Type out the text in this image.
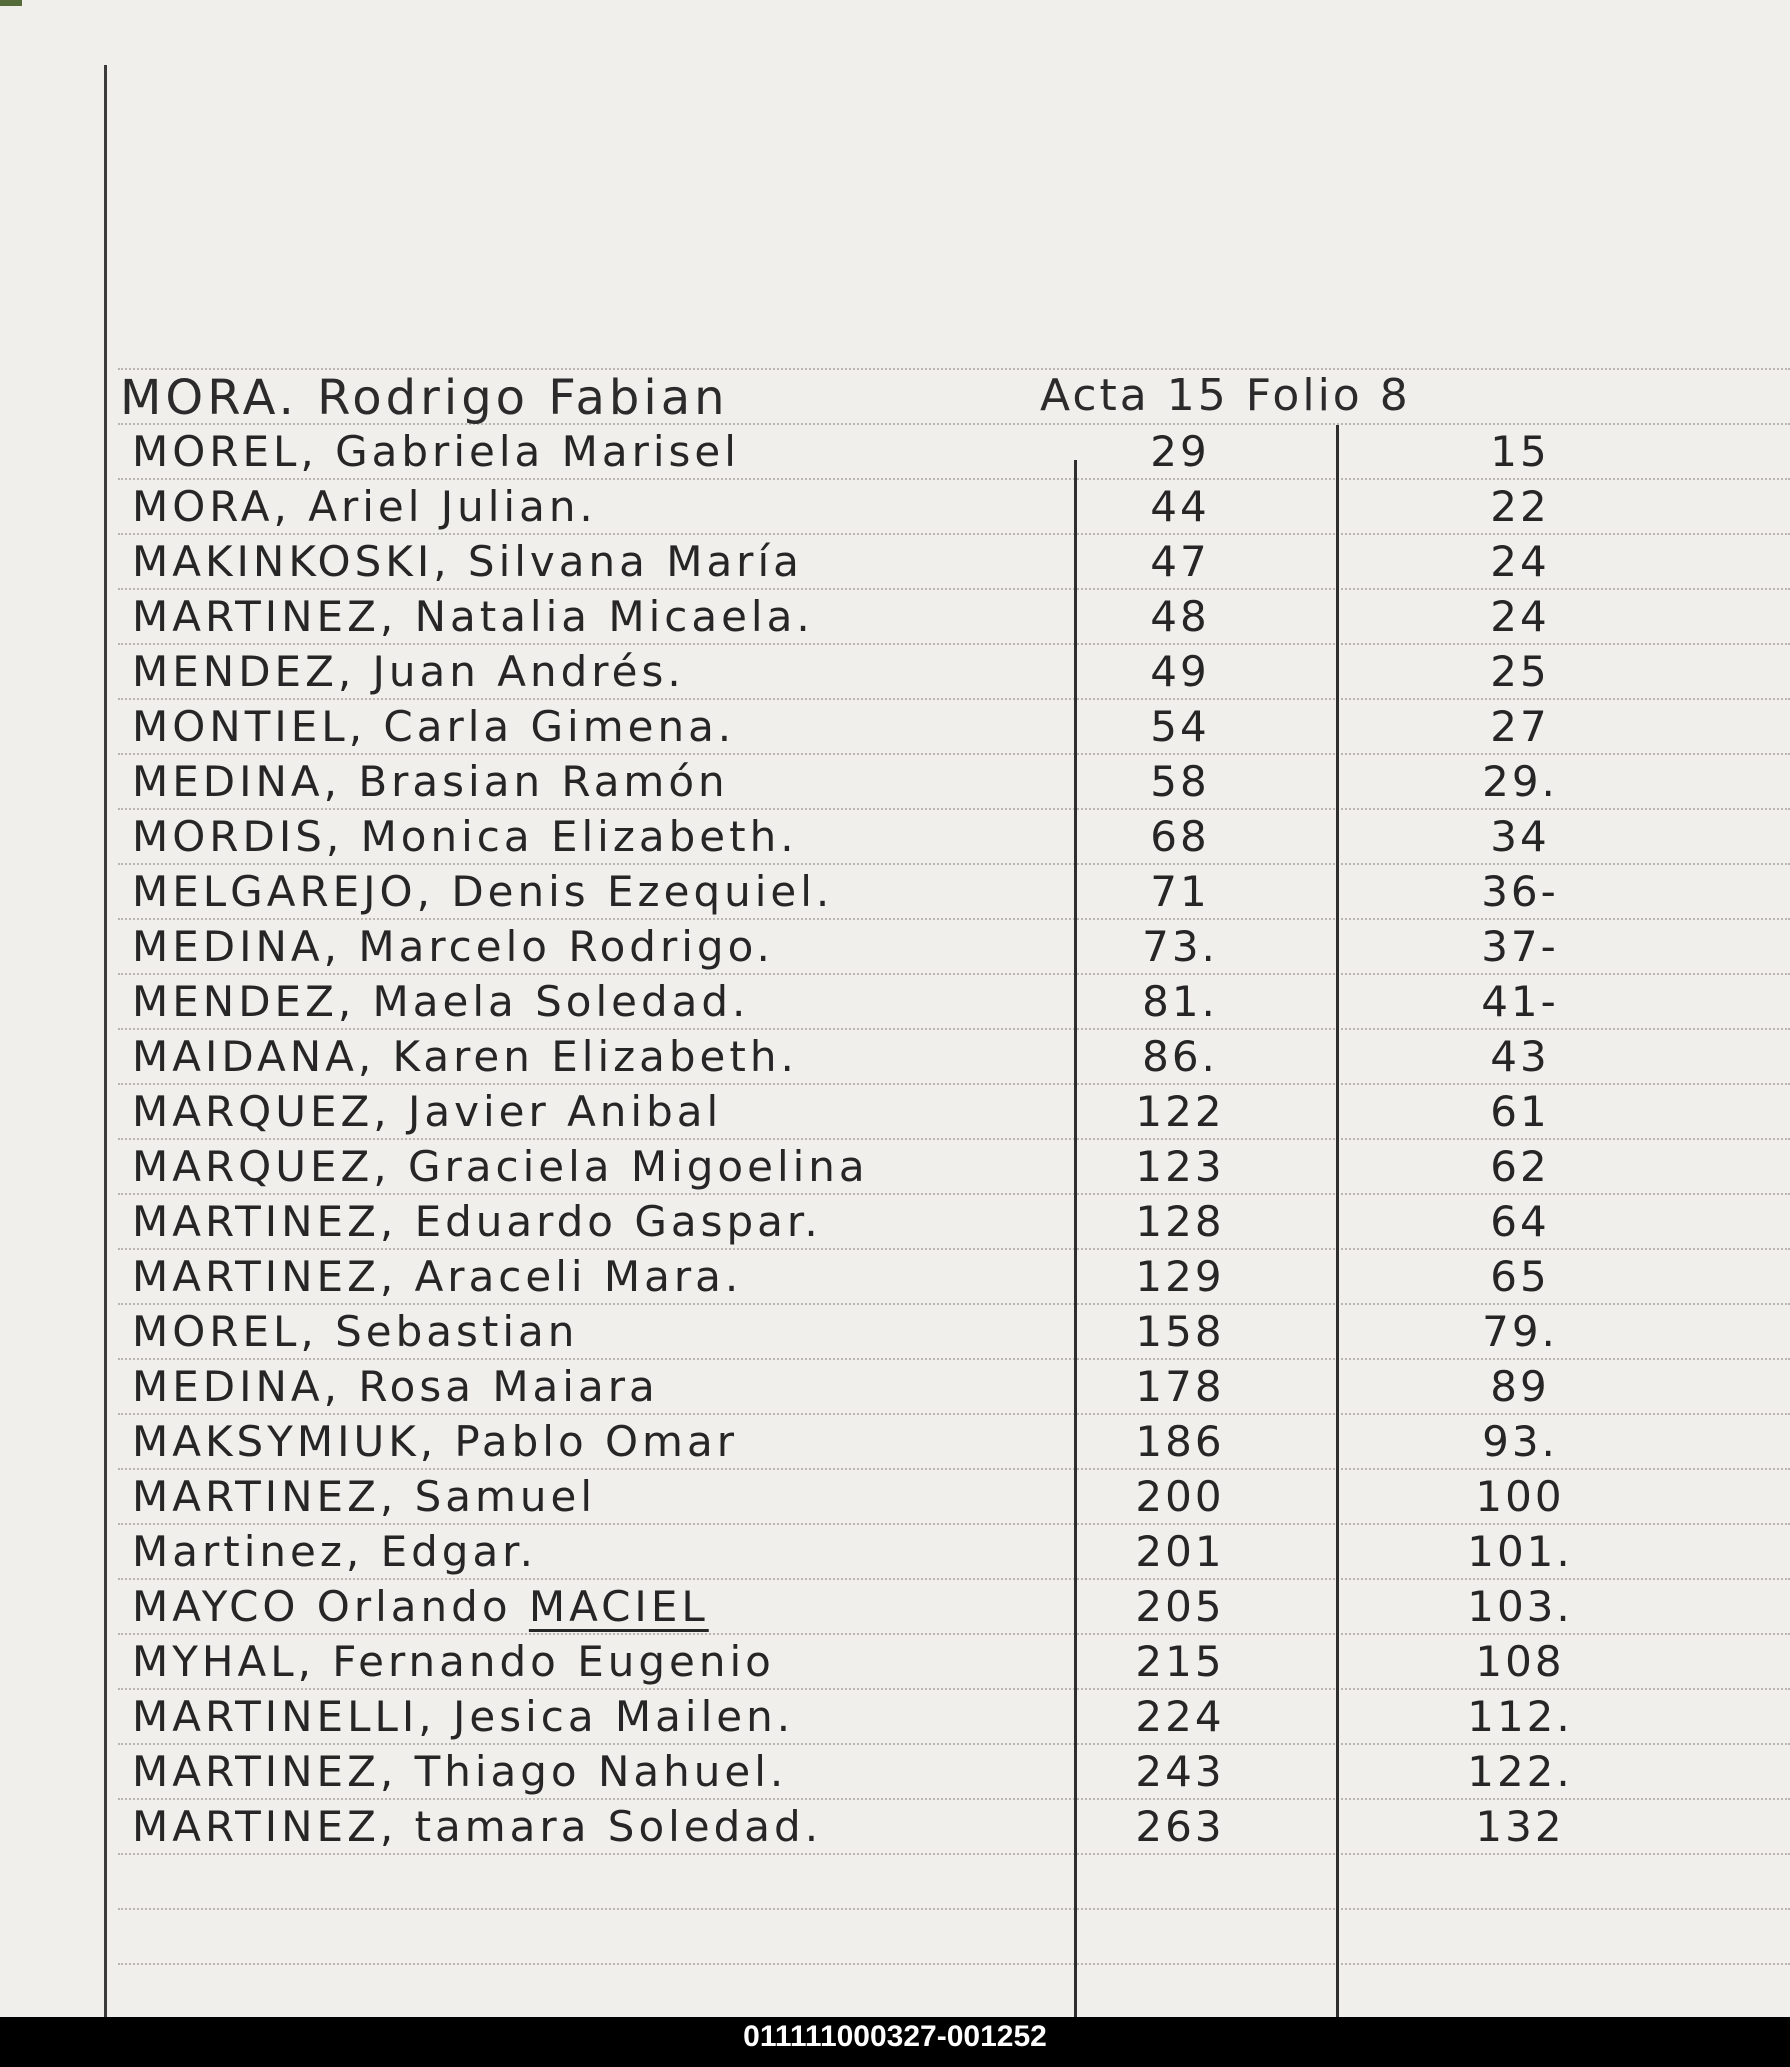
MORA. Rodrigo Fabian	Acta 15 Folio 8
MOREL, Gabriela Marisel	29	15
MORA, Ariel Julian.	44	22
MAKINKOSKI, Silvana María	47	24
MARTINEZ, Natalia Micaela.	48	24
MENDEZ, Juan Andrés.	49	25
MONTIEL, Carla Gimena.	54	27
MEDINA, Brasian Ramón	58	29.
MORDIS, Monica Elizabeth.	68	34
MELGAREJO, Denis Ezequiel.	71	36-
MEDINA, Marcelo Rodrigo.	73.	37-
MENDEZ, Maela Soledad.	81.	41-
MAIDANA, Karen Elizabeth.	86.	43
MARQUEZ, Javier Anibal	122	61
MARQUEZ, Graciela Migoelina	123	62
MARTINEZ, Eduardo Gaspar.	128	64
MARTINEZ, Araceli Mara.	129	65
MOREL, Sebastian	158	79.
MEDINA, Rosa Maiara	178	89
MAKSYMIUK, Pablo Omar	186	93.
MARTINEZ, Samuel	200	100
Martinez, Edgar.	201	101.
MAYCO Orlando MACIEL	205	103.
MYHAL, Fernando Eugenio	215	108
MARTINELLI, Jesica Mailen.	224	112.
MARTINEZ, Thiago Nahuel.	243	122.
MARTINEZ, tamara Soledad.	263	132
011111000327-001252
